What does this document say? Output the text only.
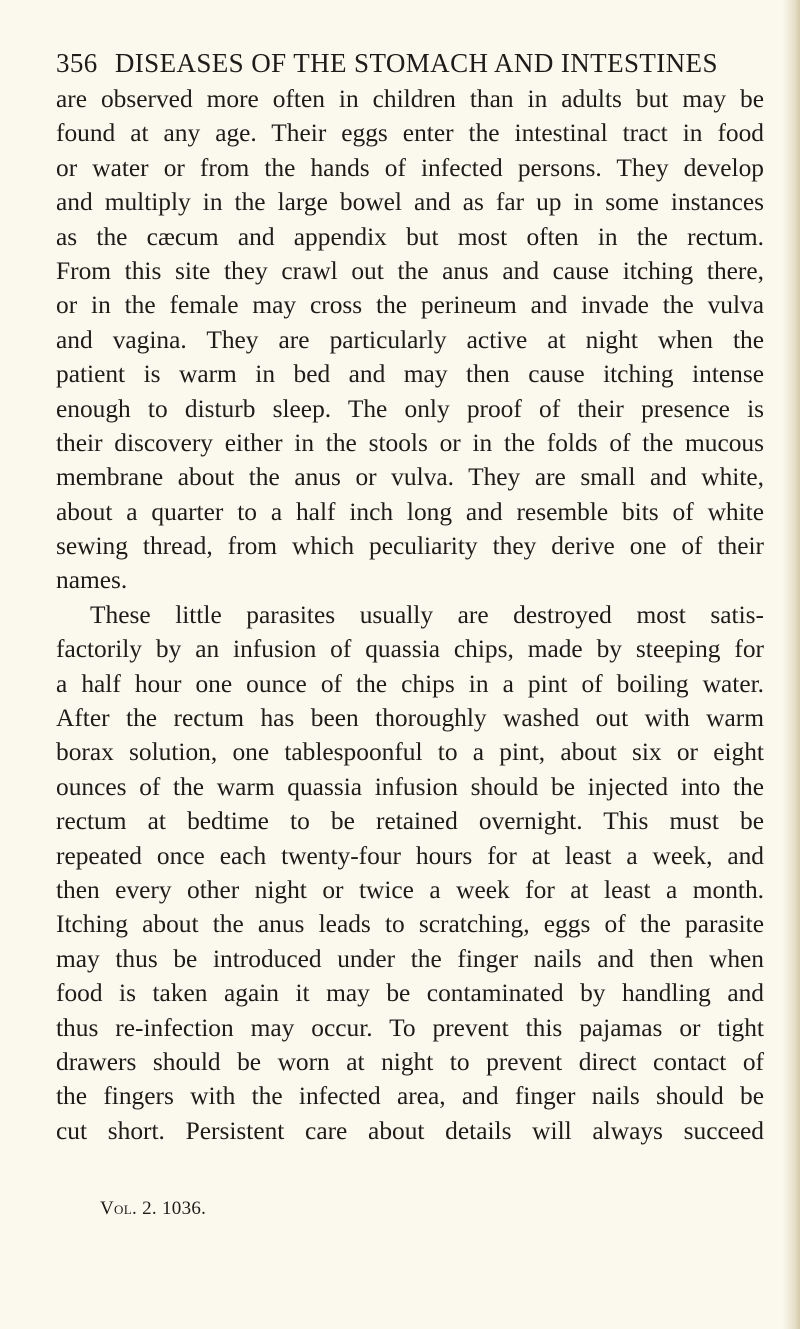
356 DISEASES OF THE STOMACH AND INTESTINES
are observed more often in children than in adults but may be
found at any age. Their eggs enter the intestinal tract in food
or water or from the hands of infected persons. They develop
and multiply in the large bowel and as far up in some instances
as the cæcum and appendix but most often in the rectum.
From this site they crawl out the anus and cause itching there,
or in the female may cross the perineum and invade the vulva
and vagina. They are particularly active at night when the
patient is warm in bed and may then cause itching intense
enough to disturb sleep. The only proof of their presence is
their discovery either in the stools or in the folds of the mucous
membrane about the anus or vulva. They are small and white,
about a quarter to a half inch long and resemble bits of white
sewing thread, from which peculiarity they derive one of their
names.
These little parasites usually are destroyed most satis-
factorily by an infusion of quassia chips, made by steeping for
a half hour one ounce of the chips in a pint of boiling water.
After the rectum has been thoroughly washed out with warm
borax solution, one tablespoonful to a pint, about six or eight
ounces of the warm quassia infusion should be injected into the
rectum at bedtime to be retained overnight. This must be
repeated once each twenty-four hours for at least a week, and
then every other night or twice a week for at least a month.
Itching about the anus leads to scratching, eggs of the parasite
may thus be introduced under the finger nails and then when
food is taken again it may be contaminated by handling and
thus re-infection may occur. To prevent this pajamas or tight
drawers should be worn at night to prevent direct contact of
the fingers with the infected area, and finger nails should be
cut short. Persistent care about details will always succeed
Vol. 2. 1036.
